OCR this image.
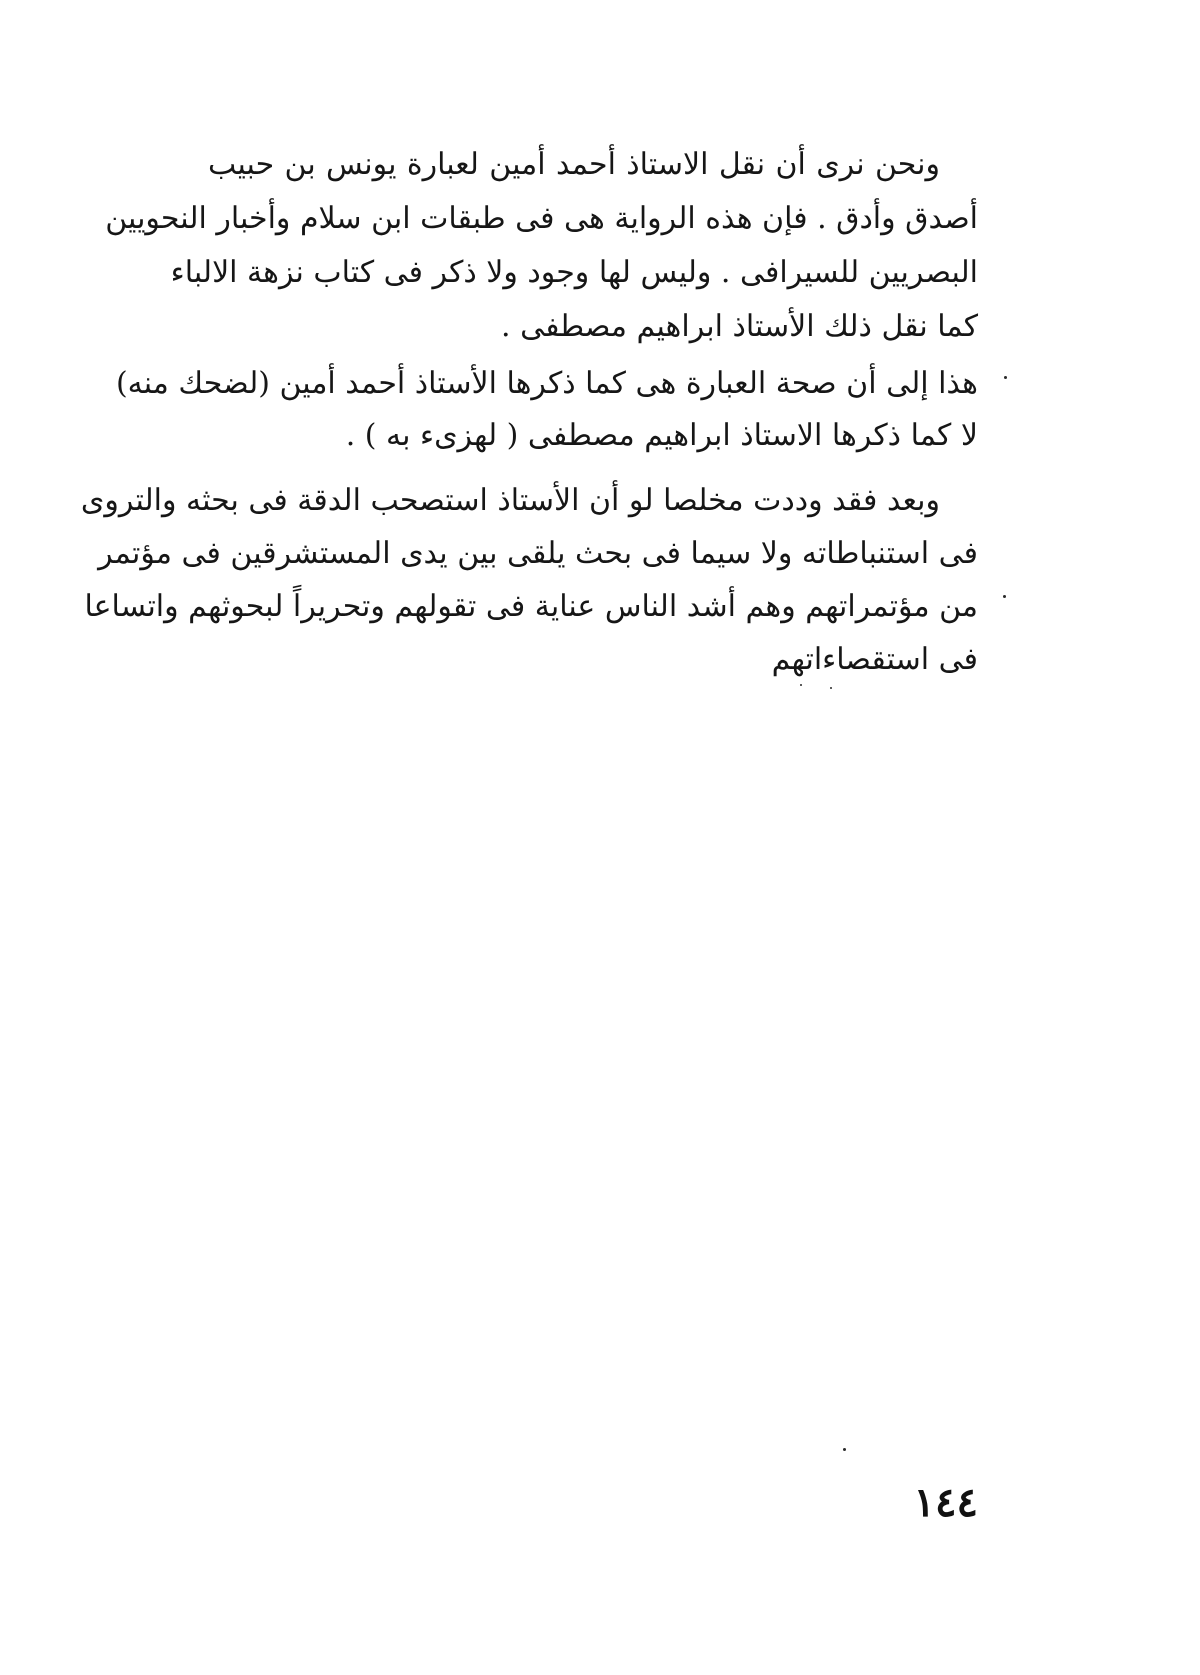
ونحن نرى أن نقل الاستاذ أحمد أمين لعبارة يونس بن حبيب
أصدق وأدق . فإن هذه الرواية هى فى طبقات ابن سلام وأخبار النحويين
البصريين للسيرافى . وليس لها وجود ولا ذكر فى كتاب نزهة الالباء
كما نقل ذلك الأستاذ ابراهيم مصطفى .
هذا إلى أن صحة العبارة هى كما ذكرها الأستاذ أحمد أمين (لضحك منه)
لا كما ذكرها الاستاذ ابراهيم مصطفى ( لهزىء به ) .
وبعد فقد وددت مخلصا لو أن الأستاذ استصحب الدقة فى بحثه والتروى
فى استنباطاته ولا سيما فى بحث يلقى بين يدى المستشرقين فى مؤتمر
من مؤتمراتهم وهم أشد الناس عناية فى تقولهم وتحريراً لبحوثهم واتساعا
فى استقصاءاتهم
١٤٤
